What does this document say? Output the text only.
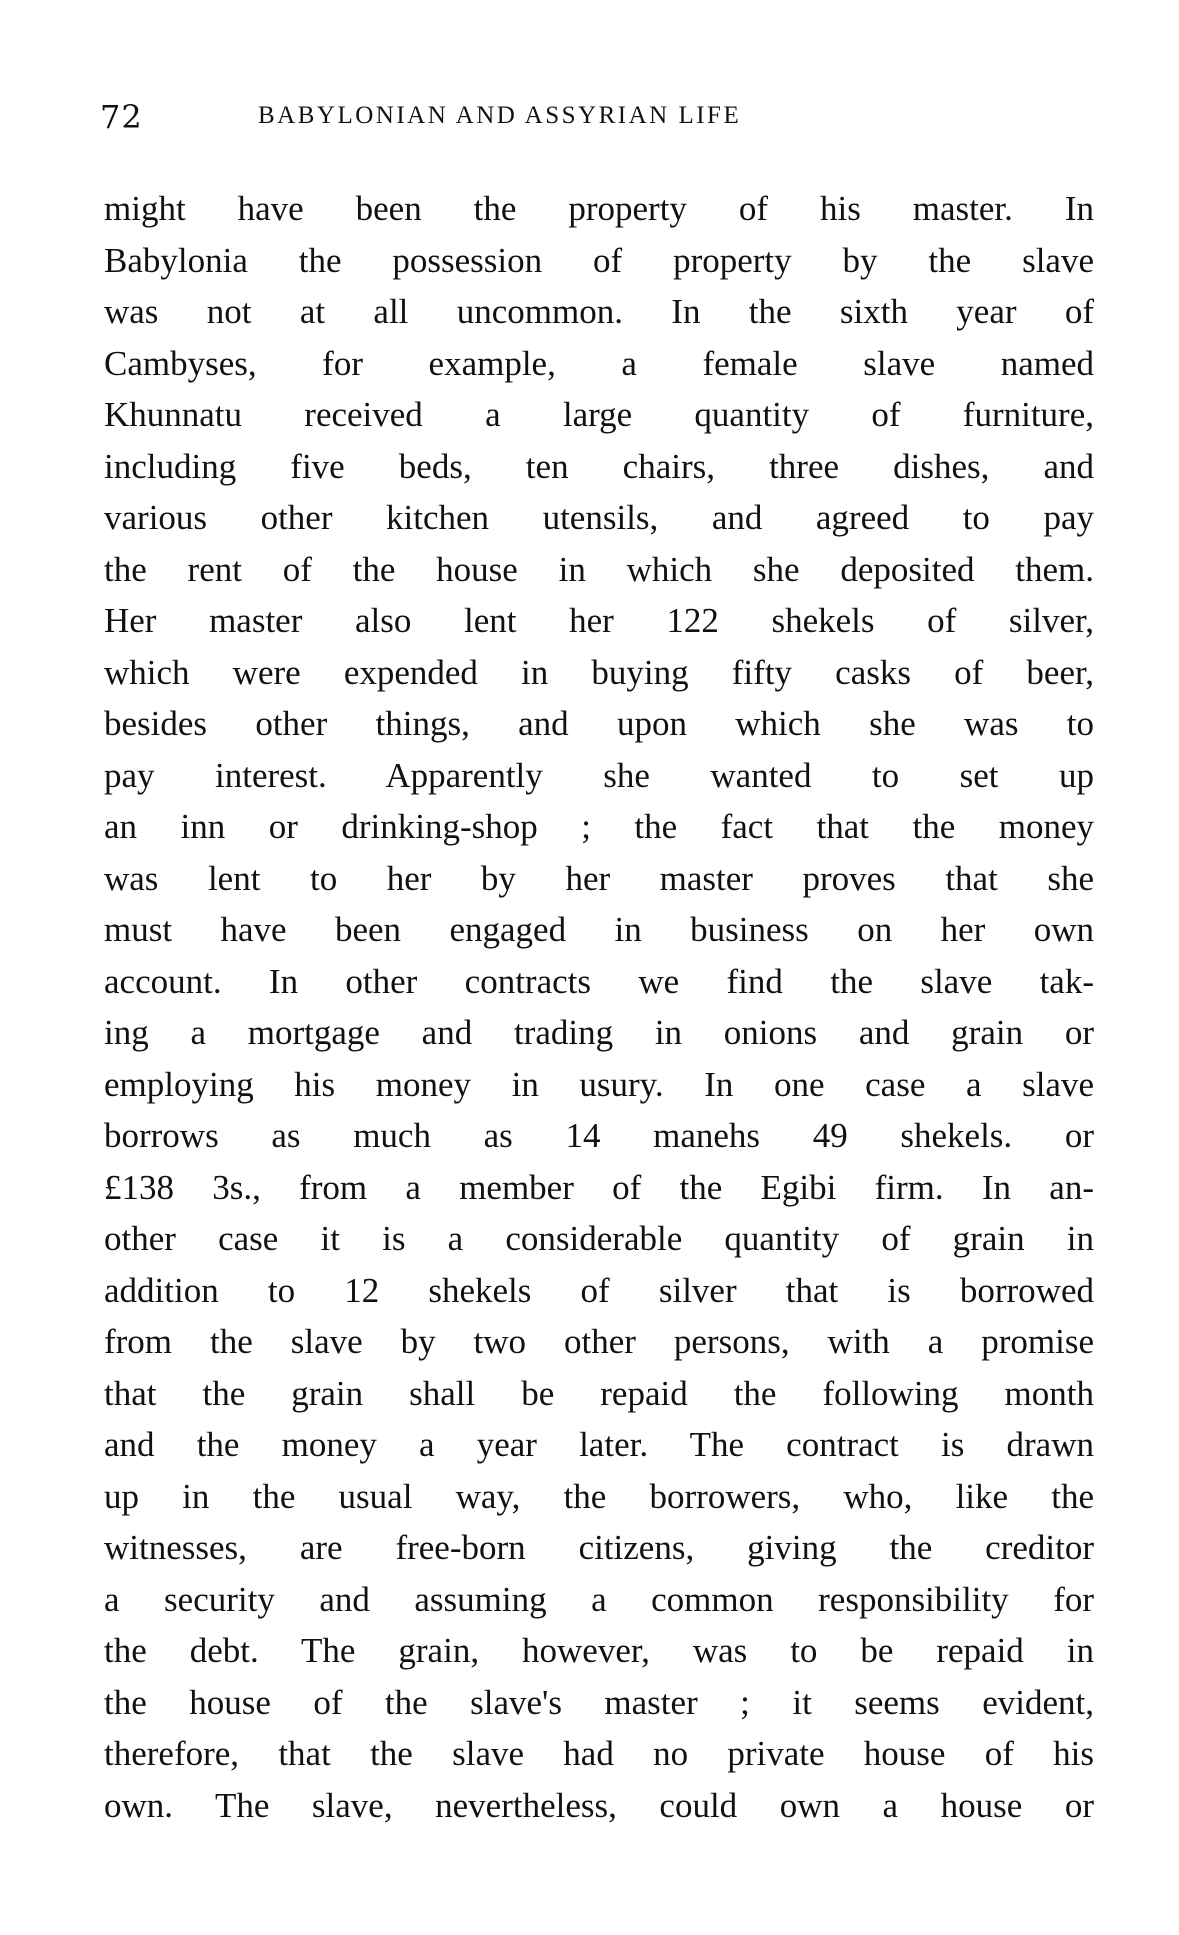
72	BABYLONIAN AND ASSYRIAN LIFE
might have been the property of his master. In
Babylonia the possession of property by the slave
was not at all uncommon. In the sixth year of
Cambyses, for example, a female slave named
Khunnatu received a large quantity of furniture,
including five beds, ten chairs, three dishes, and
various other kitchen utensils, and agreed to pay
the rent of the house in which she deposited them.
Her master also lent her 122 shekels of silver,
which were expended in buying fifty casks of beer,
besides other things, and upon which she was to
pay interest. Apparently she wanted to set up
an inn or drinking-shop ; the fact that the money
was lent to her by her master proves that she
must have been engaged in business on her own
account. In other contracts we find the slave tak-
ing a mortgage and trading in onions and grain or
employing his money in usury. In one case a slave
borrows as much as 14 manehs 49 shekels. or
£138 3s., from a member of the Egibi firm. In an-
other case it is a considerable quantity of grain in
addition to 12 shekels of silver that is borrowed
from the slave by two other persons, with a promise
that the grain shall be repaid the following month
and the money a year later. The contract is drawn
up in the usual way, the borrowers, who, like the
witnesses, are free-born citizens, giving the creditor
a security and assuming a common responsibility for
the debt. The grain, however, was to be repaid in
the house of the slave's master ; it seems evident,
therefore, that the slave had no private house of his
own. The slave, nevertheless, could own a house or
